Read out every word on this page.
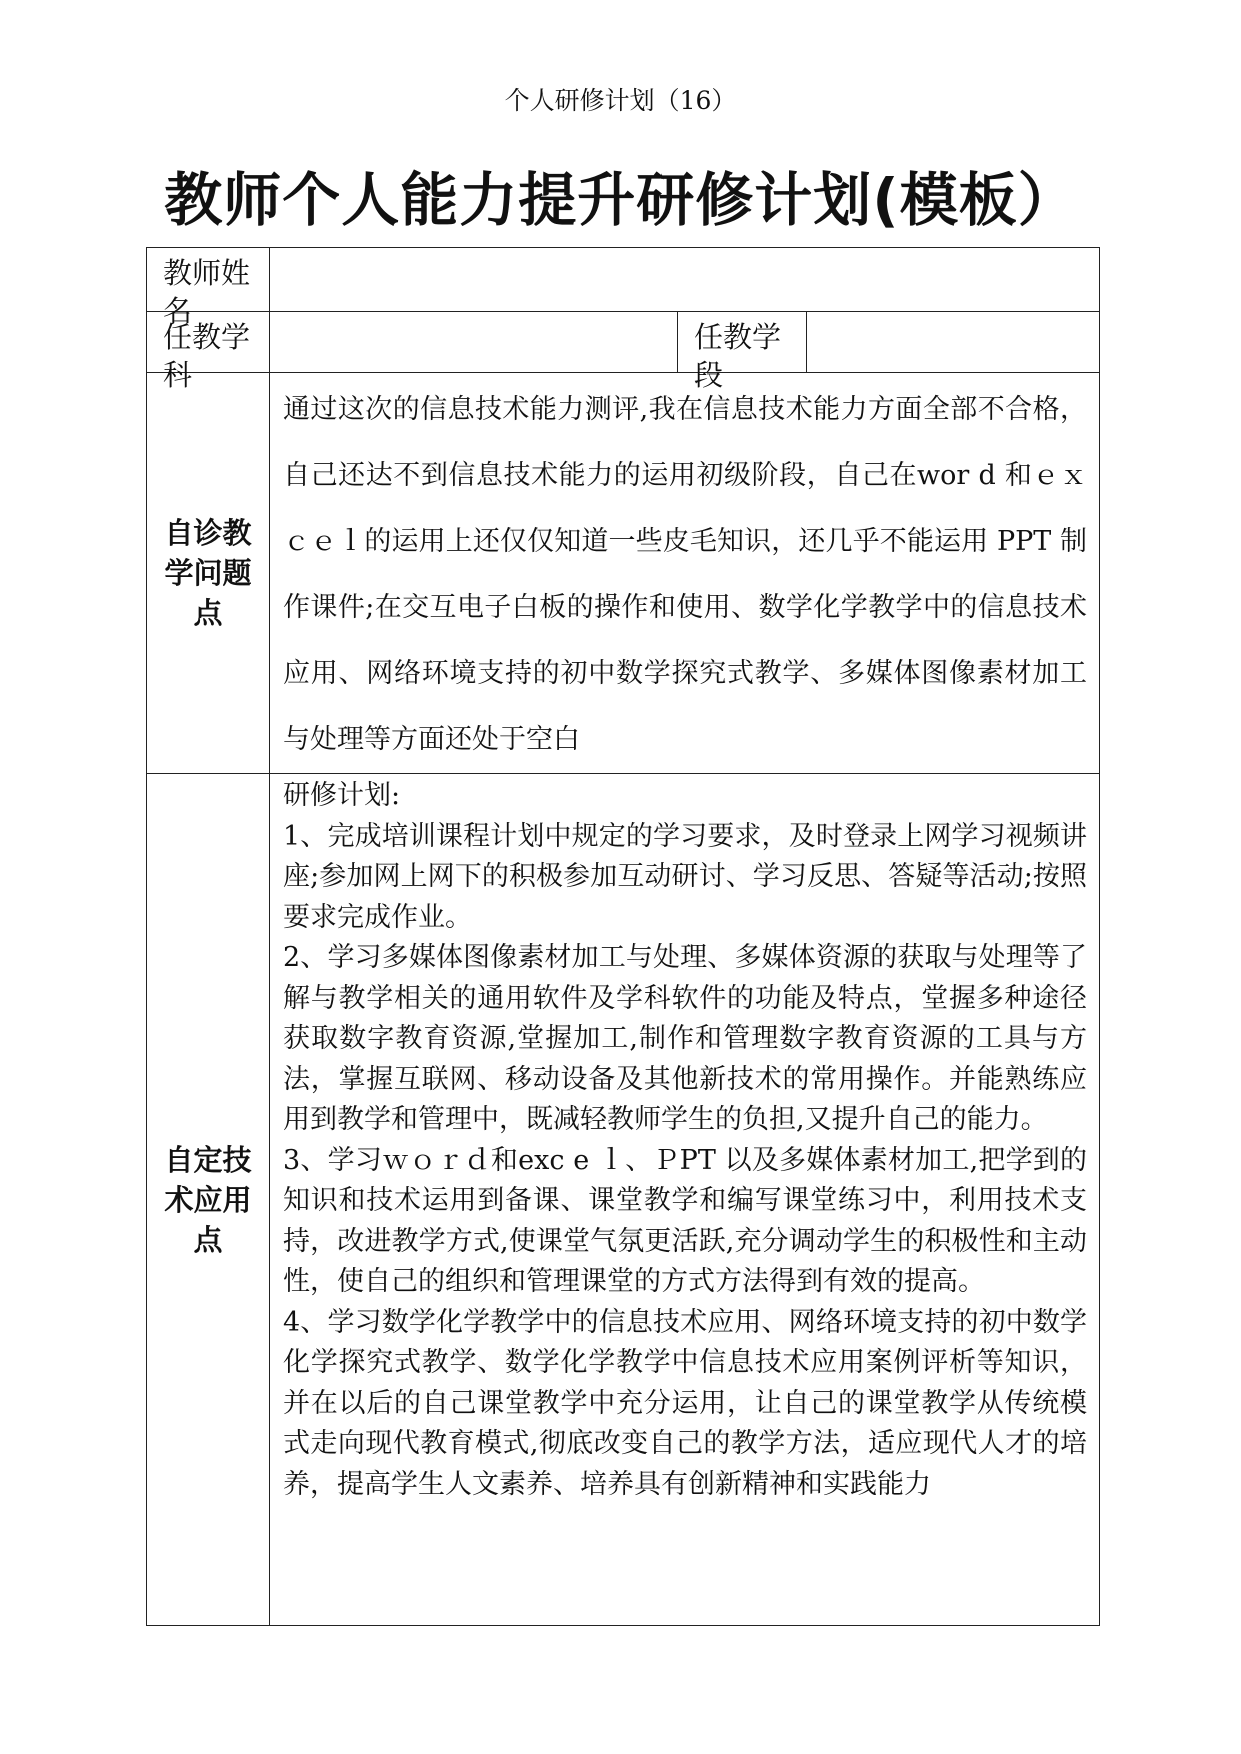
个人研修计划（16）
教师个人能力提升研修计划(模板）
教师姓名			

任教学科		任教学段	

自诊教学问题点	通过这次的信息技术能力测评,我在信息技术能力方面全部不合格，自己还达不到信息技术能力的运用初级阶段，自己在wor d 和ｅｘｃｅｌ的运用上还仅仅知道一些皮毛知识，还几乎不能运用 PPT 制作课件;在交互电子白板的操作和使用、数学化学教学中的信息技术应用、网络环境支持的初中数学探究式教学、多媒体图像素材加工与处理等方面还处于空白		

自定技术应用点	研修计划:

1、完成培训课程计划中规定的学习要求，及时登录上网学习视频讲座;参加网上网下的积极参加互动研讨、学习反思、答疑等活动;按照要求完成作业。

2、学习多媒体图像素材加工与处理、多媒体资源的获取与处理等了解与教学相关的通用软件及学科软件的功能及特点，堂握多种途径获取数字教育资源,堂握加工,制作和管理数字教育资源的工具与方法，掌握互联网、移动设备及其他新技术的常用操作。并能熟练应用到教学和管理中，既减轻教师学生的负担,又提升自己的能力。

3、学习ｗｏｒｄ和exc e ｌ、ＰPT 以及多媒体素材加工,把学到的知识和技术运用到备课、课堂教学和编写课堂练习中，利用技术支持，改进教学方式,使课堂气氛更活跃,充分调动学生的积极性和主动性，使自己的组织和管理课堂的方式方法得到有效的提高。

4、学习数学化学教学中的信息技术应用、网络环境支持的初中数学化学探究式教学、数学化学教学中信息技术应用案例评析等知识，并在以后的自己课堂教学中充分运用，让自己的课堂教学从传统模式走向现代教育模式,彻底改变自己的教学方法，适应现代人才的培养，提高学生人文素养、培养具有创新精神和实践能力		
